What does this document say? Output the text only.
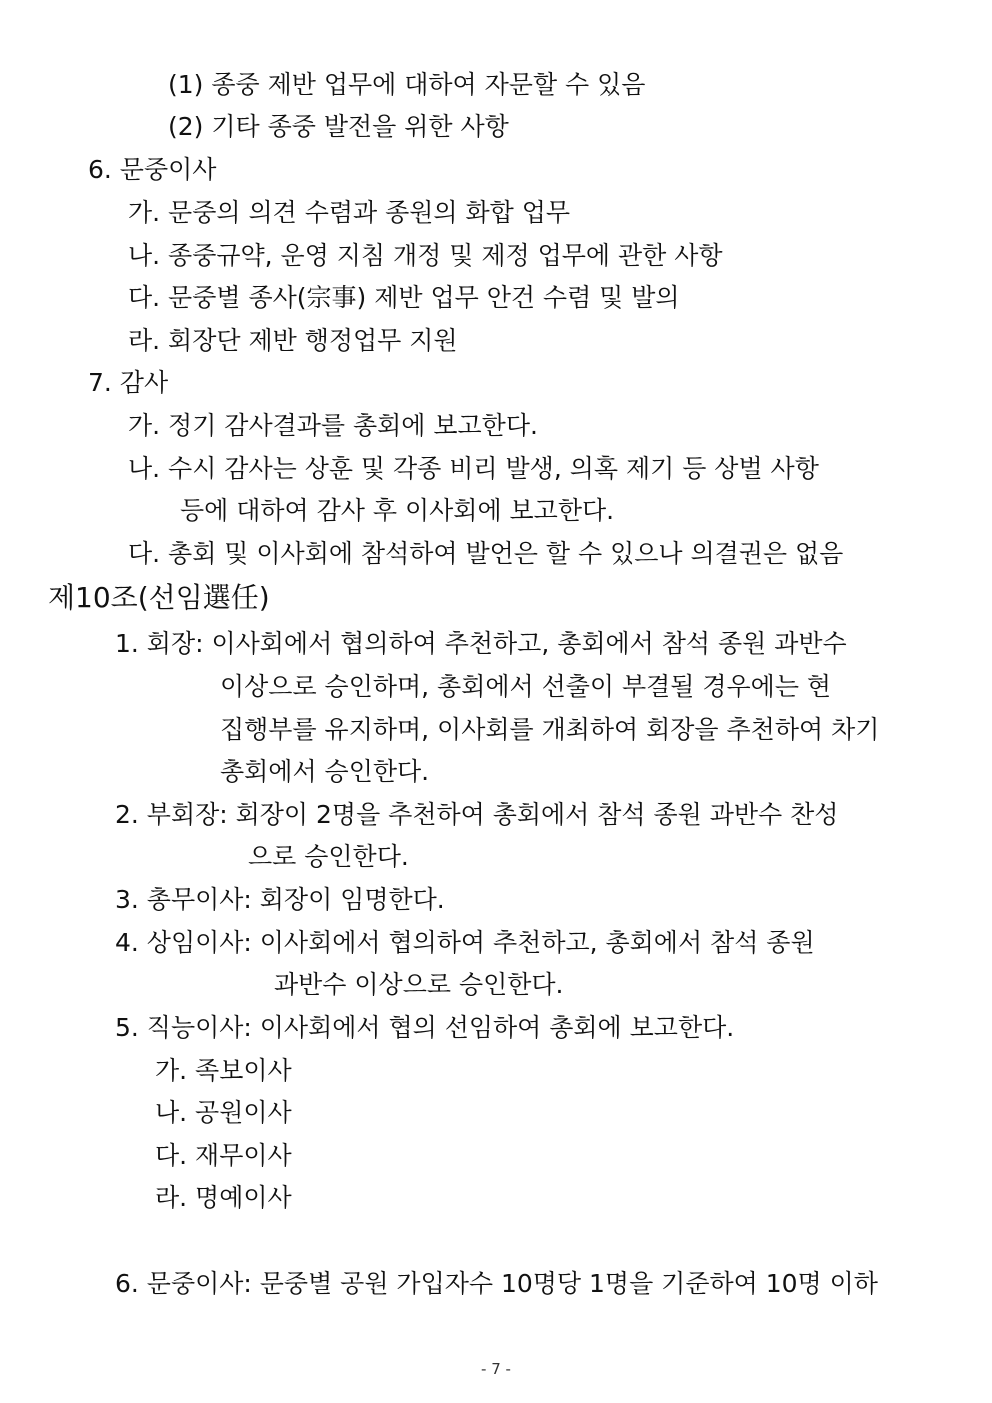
(1) 종중 제반 업무에 대하여 자문할 수 있음
(2) 기타 종중 발전을 위한 사항
6. 문중이사
가. 문중의 의견 수렴과 종원의 화합 업무
나. 종중규약, 운영 지침 개정 및 제정 업무에 관한 사항
다. 문중별 종사(宗事) 제반 업무 안건 수렴 및 발의
라. 회장단 제반 행정업무 지원
7. 감사
가. 정기 감사결과를 총회에 보고한다.
나. 수시 감사는 상훈 및 각종 비리 발생, 의혹 제기 등 상벌 사항
등에 대하여 감사 후 이사회에 보고한다.
다. 총회 및 이사회에 참석하여 발언은 할 수 있으나 의결권은 없음
제10조(선임選任)
1. 회장: 이사회에서 협의하여 추천하고, 총회에서 참석 종원 과반수
이상으로 승인하며, 총회에서 선출이 부결될 경우에는 현
집행부를 유지하며, 이사회를 개최하여 회장을 추천하여 차기
총회에서 승인한다.
2. 부회장: 회장이 2명을 추천하여 총회에서 참석 종원 과반수 찬성
으로 승인한다.
3. 총무이사: 회장이 임명한다.
4. 상임이사: 이사회에서 협의하여 추천하고, 총회에서 참석 종원
과반수 이상으로 승인한다.
5. 직능이사: 이사회에서 협의 선임하여 총회에 보고한다.
가. 족보이사
나. 공원이사
다. 재무이사
라. 명예이사
6. 문중이사: 문중별 공원 가입자수 10명당 1명을 기준하여 10명 이하
- 7 -
